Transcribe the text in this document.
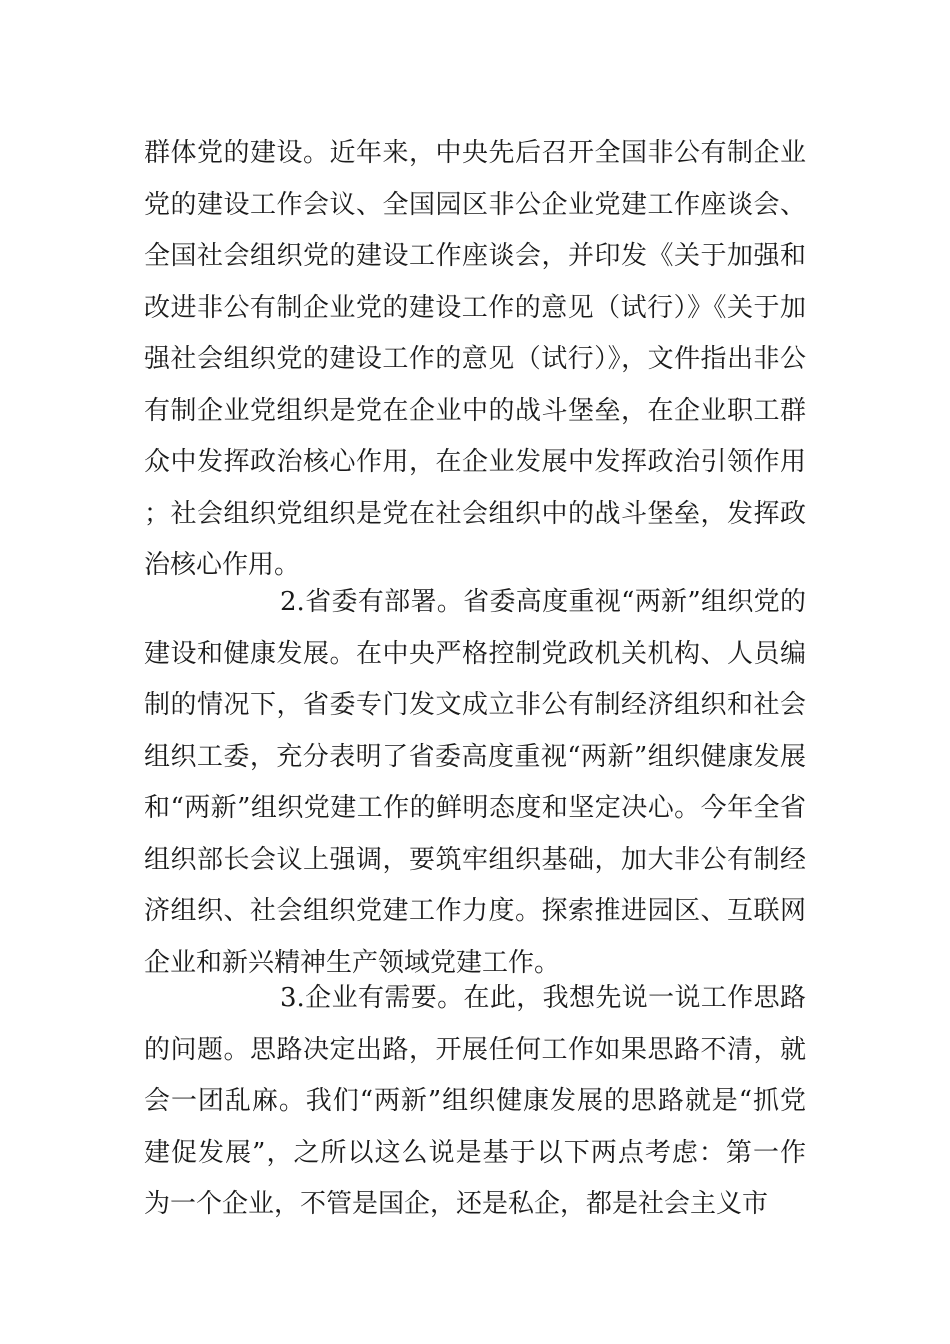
群体党的建设。近年来，中央先后召开全国非公有制企业党的建设工作会议、全国园区非公企业党建工作座谈会、全国社会组织党的建设工作座谈会，并印发《关于加强和改进非公有制企业党的建设工作的意见（试行）》《关于加强社会组织党的建设工作的意见（试行）》，文件指出非公有制企业党组织是党在企业中的战斗堡垒，在企业职工群众中发挥政治核心作用，在企业发展中发挥政治引领作用；社会组织党组织是党在社会组织中的战斗堡垒，发挥政治核心作用。

2.省委有部署。省委高度重视“两新”组织党的建设和健康发展。在中央严格控制党政机关机构、人员编制的情况下，省委专门发文成立非公有制经济组织和社会组织工委，充分表明了省委高度重视“两新”组织健康发展和“两新”组织党建工作的鲜明态度和坚定决心。今年全省组织部长会议上强调，要筑牢组织基础，加大非公有制经济组织、社会组织党建工作力度。探索推进园区、互联网企业和新兴精神生产领域党建工作。

3.企业有需要。在此，我想先说一说工作思路的问题。思路决定出路，开展任何工作如果思路不清，就会一团乱麻。我们“两新”组织健康发展的思路就是“抓党建促发展”，之所以这么说是基于以下两点考虑：第一作为一个企业，不管是国企，还是私企，都是社会主义市
